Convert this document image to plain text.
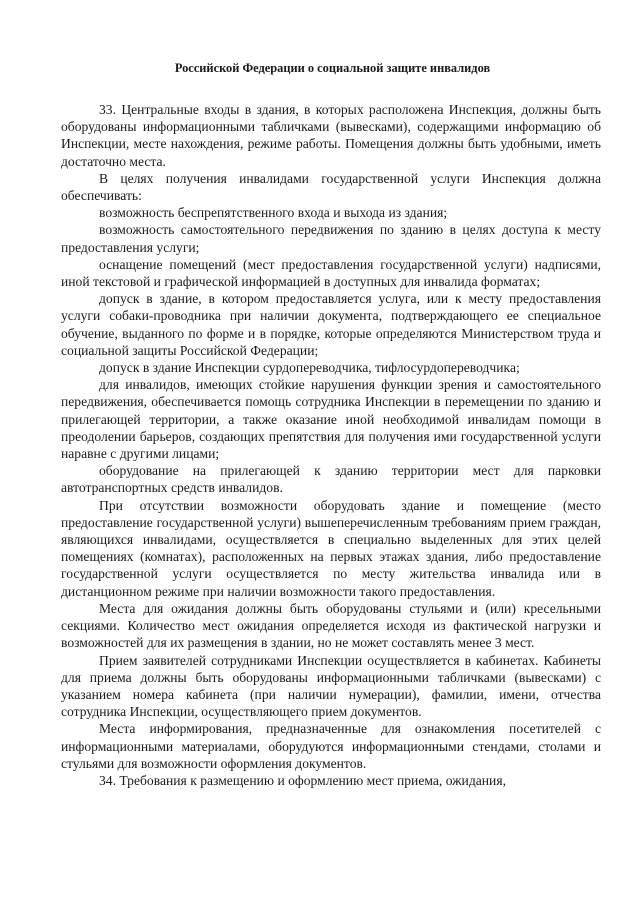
Российской Федерации о социальной защите инвалидов

33. Центральные входы в здания, в которых расположена Инспекция, должны быть оборудованы информационными табличками (вывесками), содержащими информацию об Инспекции, месте нахождения, режиме работы. Помещения должны быть удобными, иметь достаточно места.

В целях получения инвалидами государственной услуги Инспекция должна обеспечивать:

возможность беспрепятственного входа и выхода из здания;

возможность самостоятельного передвижения по зданию в целях доступа к месту предоставления услуги;

оснащение помещений (мест предоставления государственной услуги) надписями, иной текстовой и графической информацией в доступных для инвалида форматах;

допуск в здание, в котором предоставляется услуга, или к месту предоставления услуги собаки-проводника при наличии документа, подтверждающего ее специальное обучение, выданного по форме и в порядке, которые определяются Министерством труда и социальной защиты Российской Федерации;

допуск в здание Инспекции сурдопереводчика, тифлосурдопереводчика;

для инвалидов, имеющих стойкие нарушения функции зрения и самостоятельного передвижения, обеспечивается помощь сотрудника Инспекции в перемещении по зданию и прилегающей территории, а также оказание иной необходимой инвалидам помощи в преодолении барьеров, создающих препятствия для получения ими государственной услуги наравне с другими лицами;

оборудование на прилегающей к зданию территории мест для парковки автотранспортных средств инвалидов.

При отсутствии возможности оборудовать здание и помещение (место предоставление государственной услуги) вышеперечисленным требованиям прием граждан, являющихся инвалидами, осуществляется в специально выделенных для этих целей помещениях (комнатах), расположенных на первых этажах здания, либо предоставление государственной услуги осуществляется по месту жительства инвалида или в дистанционном режиме при наличии возможности такого предоставления.

Места для ожидания должны быть оборудованы стульями и (или) кресельными секциями. Количество мест ожидания определяется исходя из фактической нагрузки и возможностей для их размещения в здании, но не может составлять менее 3 мест.

Прием заявителей сотрудниками Инспекции осуществляется в кабинетах. Кабинеты для приема должны быть оборудованы информационными табличками (вывесками) с указанием номера кабинета (при наличии нумерации), фамилии, имени, отчества сотрудника Инспекции, осуществляющего прием документов.

Места информирования, предназначенные для ознакомления посетителей с информационными материалами, оборудуются информационными стендами, столами и стульями для возможности оформления документов.

34. Требования к размещению и оформлению мест приема, ожидания,
